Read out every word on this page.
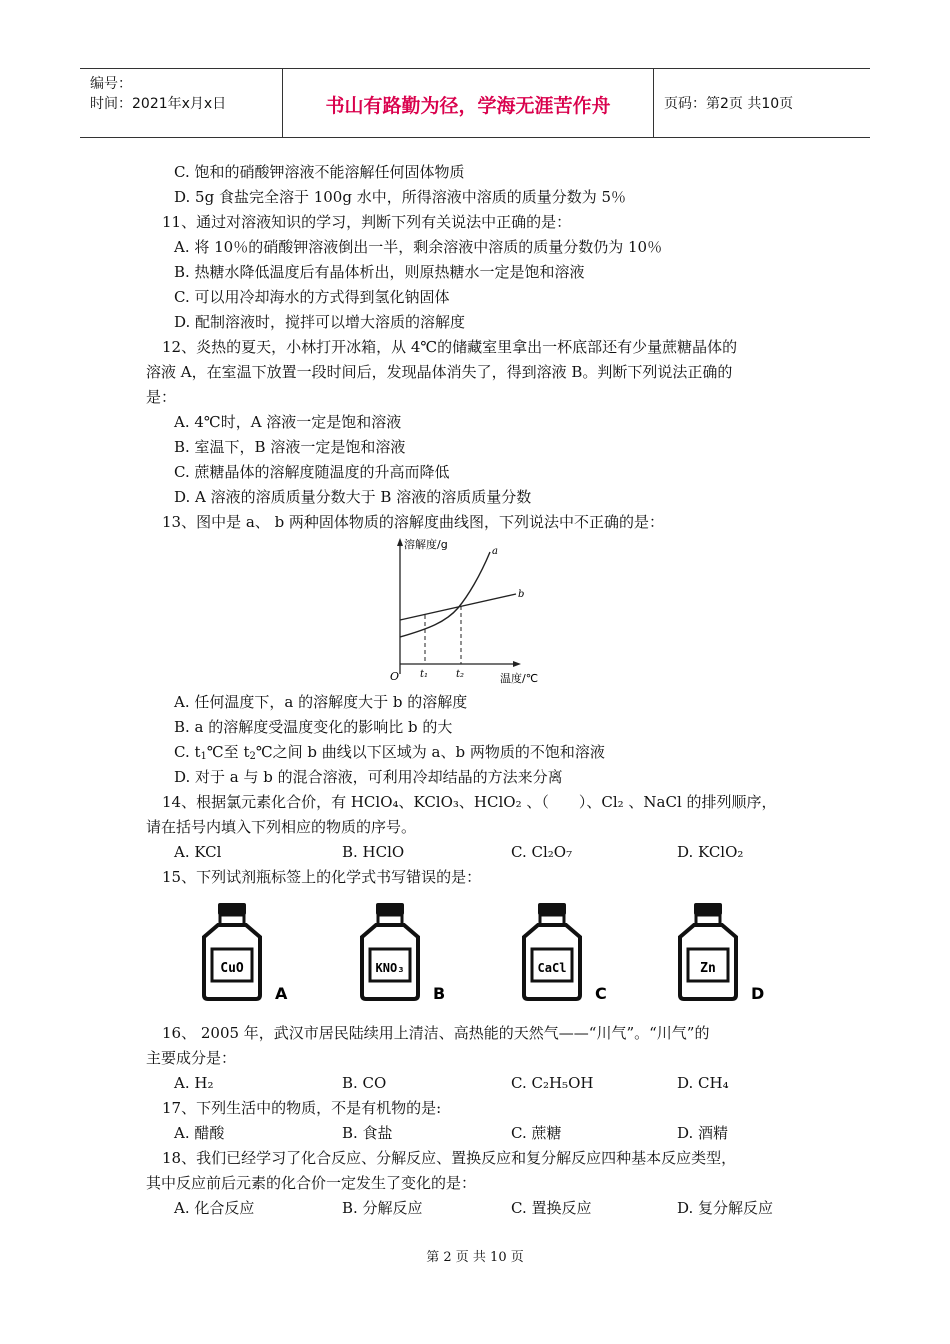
编号：
时间：2021年x月x日	书山有路勤为径，学海无涯苦作舟	页码：第2页 共10页
C. 饱和的硝酸钾溶液不能溶解任何固体物质
D. 5g 食盐完全溶于 100g 水中，所得溶液中溶质的质量分数为 5％
11、通过对溶液知识的学习，判断下列有关说法中正确的是：
A. 将 10％的硝酸钾溶液倒出一半，剩余溶液中溶质的质量分数仍为 10％
B. 热糖水降低温度后有晶体析出，则原热糖水一定是饱和溶液
C. 可以用冷却海水的方式得到氢化钠固体
D. 配制溶液时，搅拌可以增大溶质的溶解度
12、炎热的夏天，小林打开冰箱，从 4℃的储藏室里拿出一杯底部还有少量蔗糖晶体的
溶液 A，在室温下放置一段时间后，发现晶体消失了，得到溶液 B。判断下列说法正确的
是：
A. 4℃时，A 溶液一定是饱和溶液
B. 室温下，B 溶液一定是饱和溶液
C. 蔗糖晶体的溶解度随温度的升高而降低
D. A 溶液的溶质质量分数大于 B 溶液的溶质质量分数
13、图中是 a、 b 两种固体物质的溶解度曲线图，下列说法中不正确的是：
溶解度/g
温度/℃
O
a
b
t₁	t₂
A. 任何温度下，a 的溶解度大于 b 的溶解度
B. a 的溶解度受温度变化的影响比 b 的大
C. $t_1℃$至 $t_2℃$之间 b 曲线以下区域为 a、b 两物质的不饱和溶液
D. 对于 a 与 b 的混合溶液，可利用冷却结晶的方法来分离
14、根据氯元素化合价，有 HClO₄、KClO₃、HClO₂ 、（　　）、Cl₂ 、NaCl 的排列顺序，
请在括号内填入下列相应的物质的序号。
A. KCl	B. HClO	C. Cl₂O₇	D. KClO₂
15、下列试剂瓶标签上的化学式书写错误的是：
CuO
A
KNO₃
B
CaCl
C
Zn
D
16、 2005 年，武汉市居民陆续用上清洁、高热能的天然气——“川气”。“川气”的
主要成分是：
A. H₂	B. CO	C. C₂H₅OH	D. CH₄
17、下列生活中的物质，不是有机物的是:
A. 醋酸	B. 食盐	C. 蔗糖	D. 酒精
18、我们已经学习了化合反应、分解反应、置换反应和复分解反应四种基本反应类型，
其中反应前后元素的化合价一定发生了变化的是：
A. 化合反应	B. 分解反应	C. 置换反应	D. 复分解反应
第 2 页 共 10 页
